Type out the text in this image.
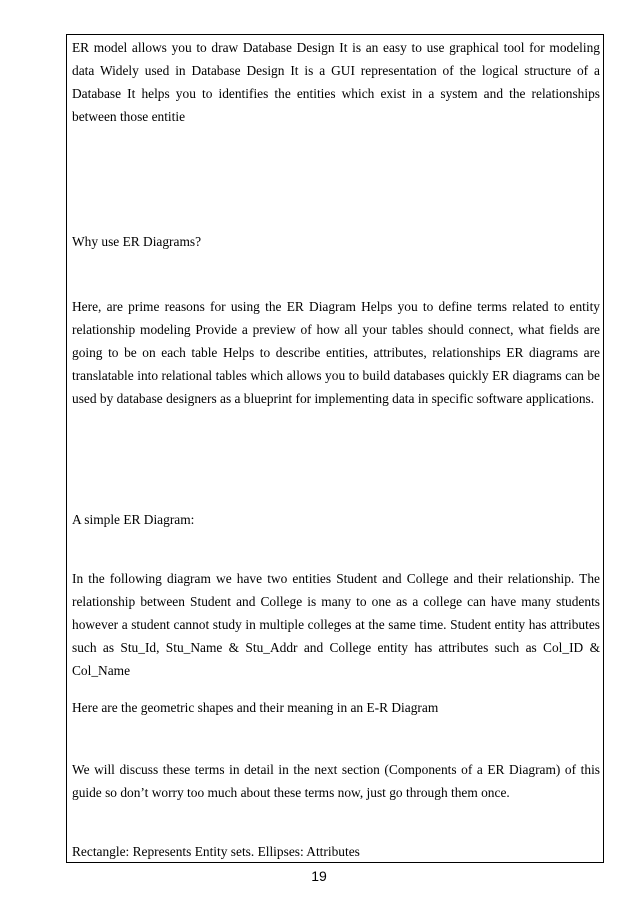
ER model allows you to draw Database Design It is an easy to use graphical tool for modeling data Widely used in Database Design It is a GUI representation of the logical structure of a Database It helps you to identifies the entities which exist in a system and the relationships between those entitie

Why use ER Diagrams?

Here, are prime reasons for using the ER Diagram Helps you to define terms related to entity relationship modeling Provide a preview of how all your tables should connect, what fields are going to be on each table Helps to describe entities, attributes, relationships ER diagrams are translatable into relational tables which allows you to build databases quickly ER diagrams can be used by database designers as a blueprint for implementing data in specific software applications.

A simple ER Diagram:

In the following diagram we have two entities Student and College and their relationship. The relationship between Student and College is many to one as a college can have many students however a student cannot study in multiple colleges at the same time. Student entity has attributes such as Stu_Id, Stu_Name & Stu_Addr and College entity has attributes such as Col_ID & Col_Name

Here are the geometric shapes and their meaning in an E-R Diagram

We will discuss these terms in detail in the next section (Components of a ER Diagram) of this guide so don’t worry too much about these terms now, just go through them once.

Rectangle: Represents Entity sets. Ellipses: Attributes

19
